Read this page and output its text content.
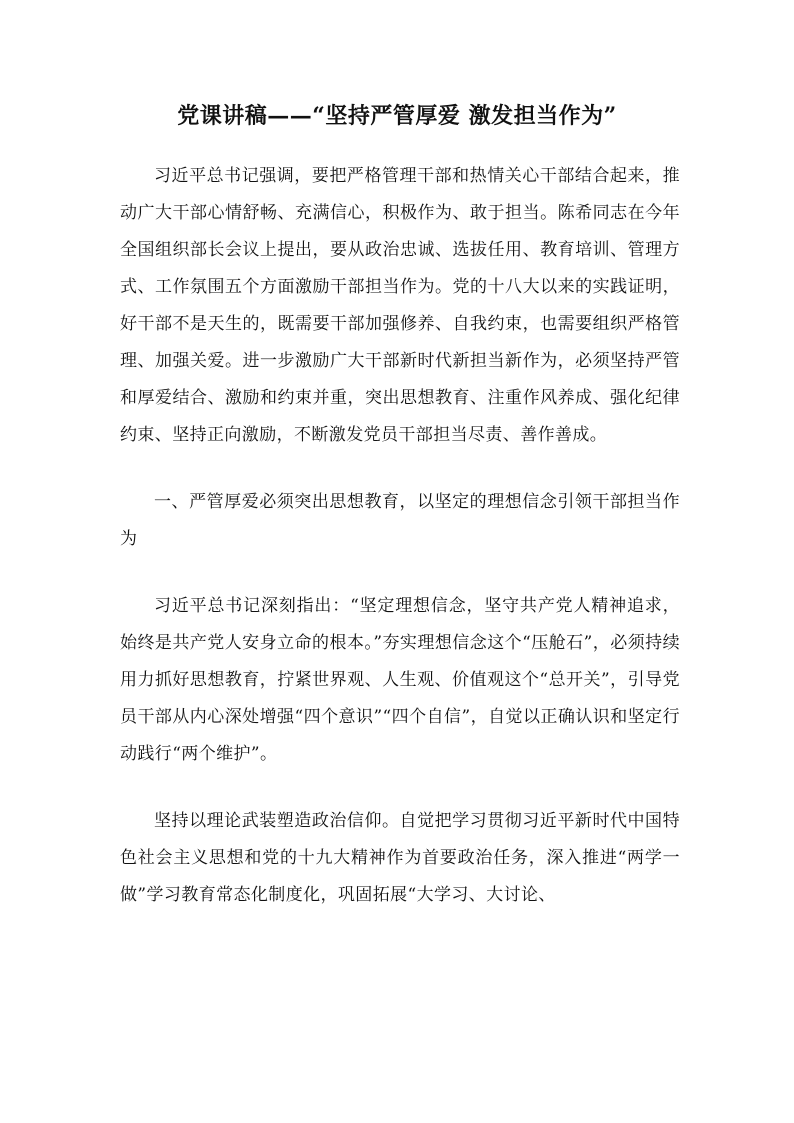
党课讲稿——“坚持严管厚爱 激发担当作为”

习近平总书记强调，要把严格管理干部和热情关心干部结合起来，推动广大干部心情舒畅、充满信心，积极作为、敢于担当。陈希同志在今年全国组织部长会议上提出，要从政治忠诚、选拔任用、教育培训、管理方式、工作氛围五个方面激励干部担当作为。党的十八大以来的实践证明，好干部不是天生的，既需要干部加强修养、自我约束，也需要组织严格管理、加强关爱。进一步激励广大干部新时代新担当新作为，必须坚持严管和厚爱结合、激励和约束并重，突出思想教育、注重作风养成、强化纪律约束、坚持正向激励，不断激发党员干部担当尽责、善作善成。

一、严管厚爱必须突出思想教育，以坚定的理想信念引领干部担当作为

习近平总书记深刻指出：“坚定理想信念，坚守共产党人精神追求，始终是共产党人安身立命的根本。”夯实理想信念这个“压舱石”，必须持续用力抓好思想教育，拧紧世界观、人生观、价值观这个“总开关”，引导党员干部从内心深处增强“四个意识”“四个自信”，自觉以正确认识和坚定行动践行“两个维护”。

坚持以理论武装塑造政治信仰。自觉把学习贯彻习近平新时代中国特色社会主义思想和党的十九大精神作为首要政治任务，深入推进“两学一做”学习教育常态化制度化，巩固拓展“大学习、大讨论、
